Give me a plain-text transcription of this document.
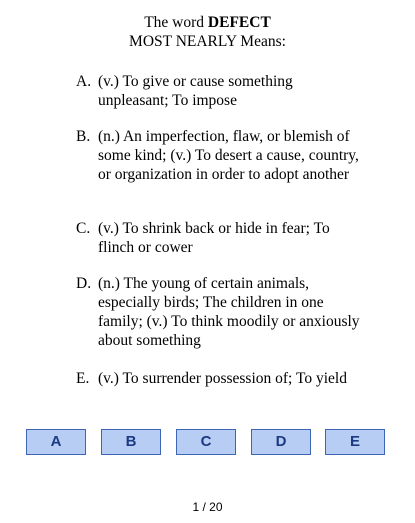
The word DEFECT
MOST NEARLY Means:
A. (v.) To give or cause something unpleasant; To impose
B. (n.) An imperfection, flaw, or blemish of some kind; (v.) To desert a cause, country, or organization in order to adopt another
C. (v.) To shrink back or hide in fear; To flinch or cower
D. (n.) The young of certain animals, especially birds; The children in one family; (v.) To think moodily or anxiously about something
E. (v.) To surrender possession of; To yield
A	B	C	D	E
1 / 20
